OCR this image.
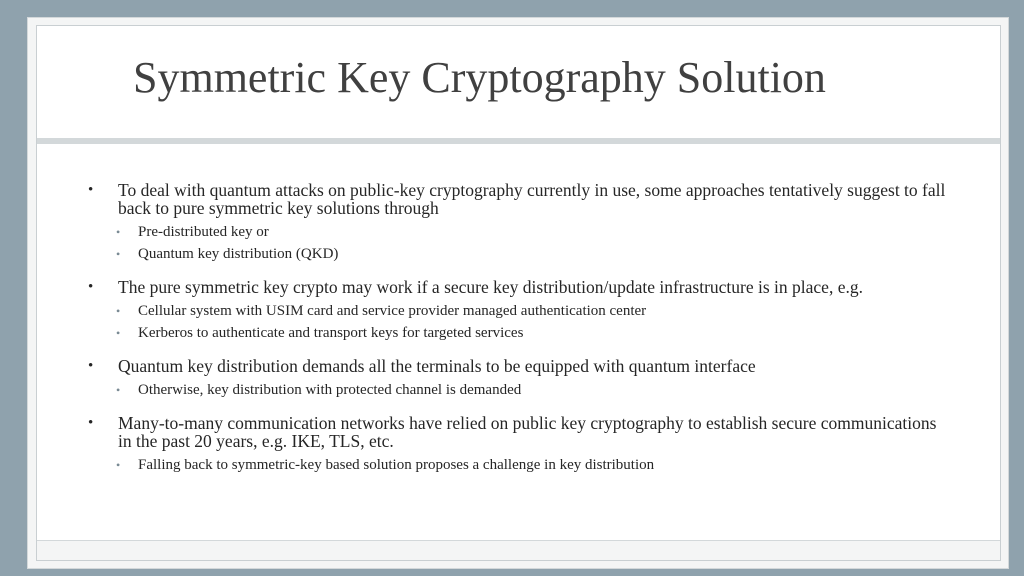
Symmetric Key Cryptography Solution
• To deal with quantum attacks on public-key cryptography currently in use, some approaches tentatively suggest to fall back to pure symmetric key solutions through
• Pre-distributed key or
• Quantum key distribution (QKD)
• The pure symmetric key crypto may work if a secure key distribution/update infrastructure is in place, e.g.
• Cellular system with USIM card and service provider managed authentication center
• Kerberos to authenticate and transport keys for targeted services
• Quantum key distribution demands all the terminals to be equipped with quantum interface
• Otherwise, key distribution with protected channel is demanded
• Many-to-many communication networks have relied on public key cryptography to establish secure communications in the past 20 years, e.g. IKE, TLS, etc.
• Falling back to symmetric-key based solution proposes a challenge in key distribution
